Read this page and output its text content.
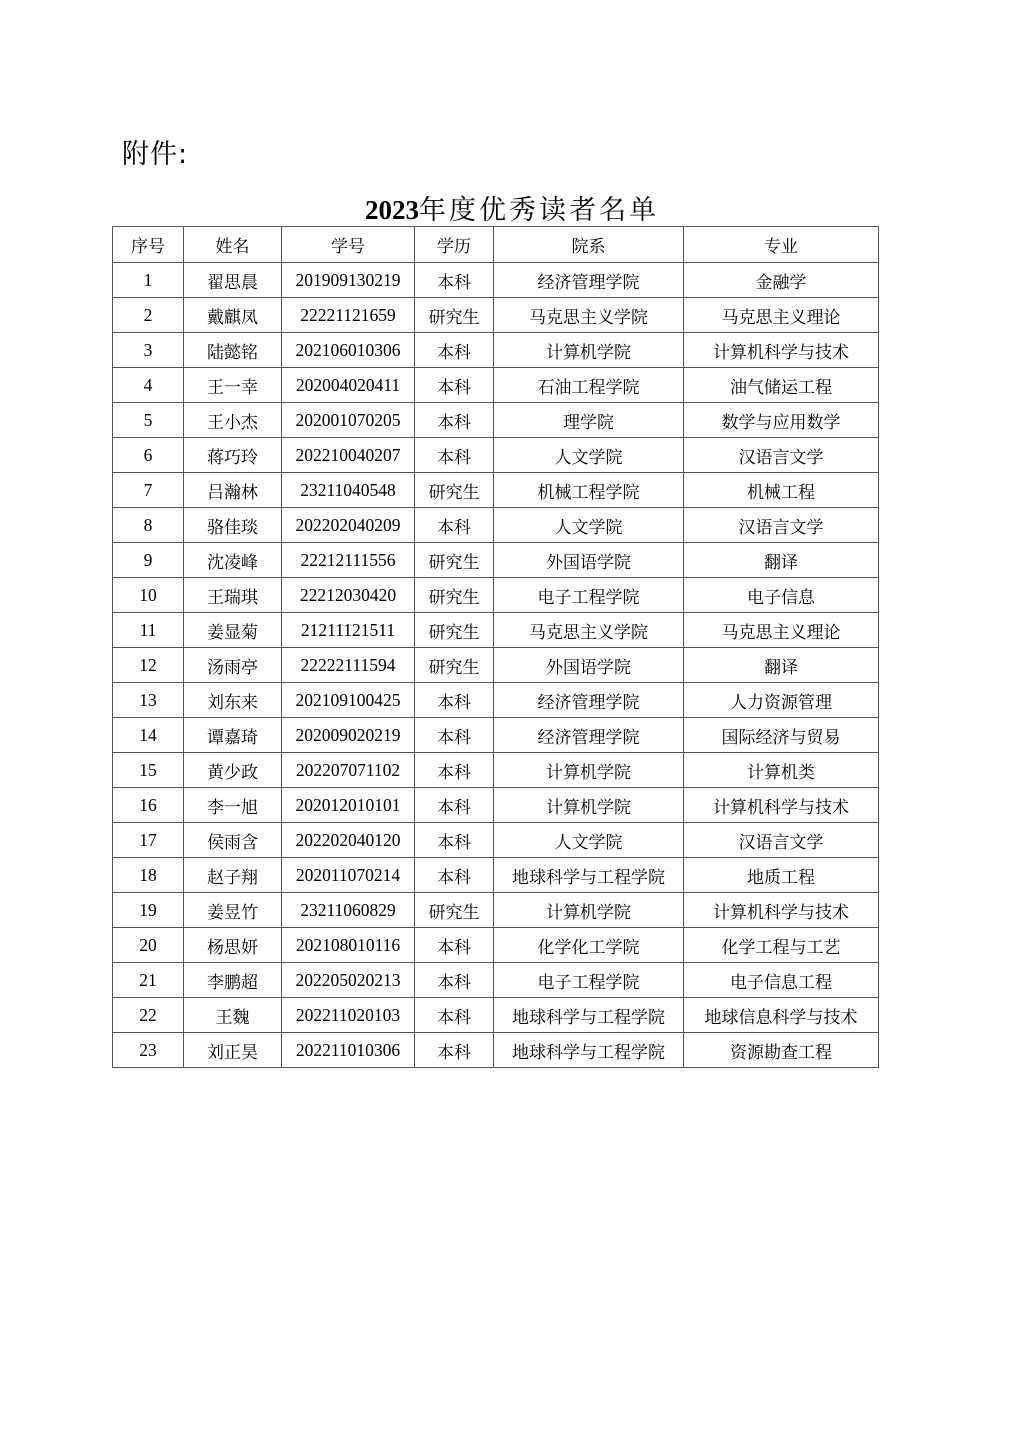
附件:
2023年度优秀读者名单
序号	姓名	学号	学历	院系	专业
1	翟思晨	201909130219	本科	经济管理学院	金融学
2	戴麒凤	22221121659	研究生	马克思主义学院	马克思主义理论
3	陆懿铭	202106010306	本科	计算机学院	计算机科学与技术
4	王一幸	202004020411	本科	石油工程学院	油气储运工程
5	王小杰	202001070205	本科	理学院	数学与应用数学
6	蒋巧玲	202210040207	本科	人文学院	汉语言文学
7	吕瀚林	23211040548	研究生	机械工程学院	机械工程
8	骆佳琰	202202040209	本科	人文学院	汉语言文学
9	沈凌峰	22212111556	研究生	外国语学院	翻译
10	王瑞琪	22212030420	研究生	电子工程学院	电子信息
11	姜显菊	21211121511	研究生	马克思主义学院	马克思主义理论
12	汤雨亭	22222111594	研究生	外国语学院	翻译
13	刘东来	202109100425	本科	经济管理学院	人力资源管理
14	谭嘉琦	202009020219	本科	经济管理学院	国际经济与贸易
15	黄少政	202207071102	本科	计算机学院	计算机类
16	李一旭	202012010101	本科	计算机学院	计算机科学与技术
17	侯雨含	202202040120	本科	人文学院	汉语言文学
18	赵子翔	202011070214	本科	地球科学与工程学院	地质工程
19	姜昱竹	23211060829	研究生	计算机学院	计算机科学与技术
20	杨思妍	202108010116	本科	化学化工学院	化学工程与工艺
21	李鹏超	202205020213	本科	电子工程学院	电子信息工程
22	王魏	202211020103	本科	地球科学与工程学院	地球信息科学与技术
23	刘正昊	202211010306	本科	地球科学与工程学院	资源勘查工程
